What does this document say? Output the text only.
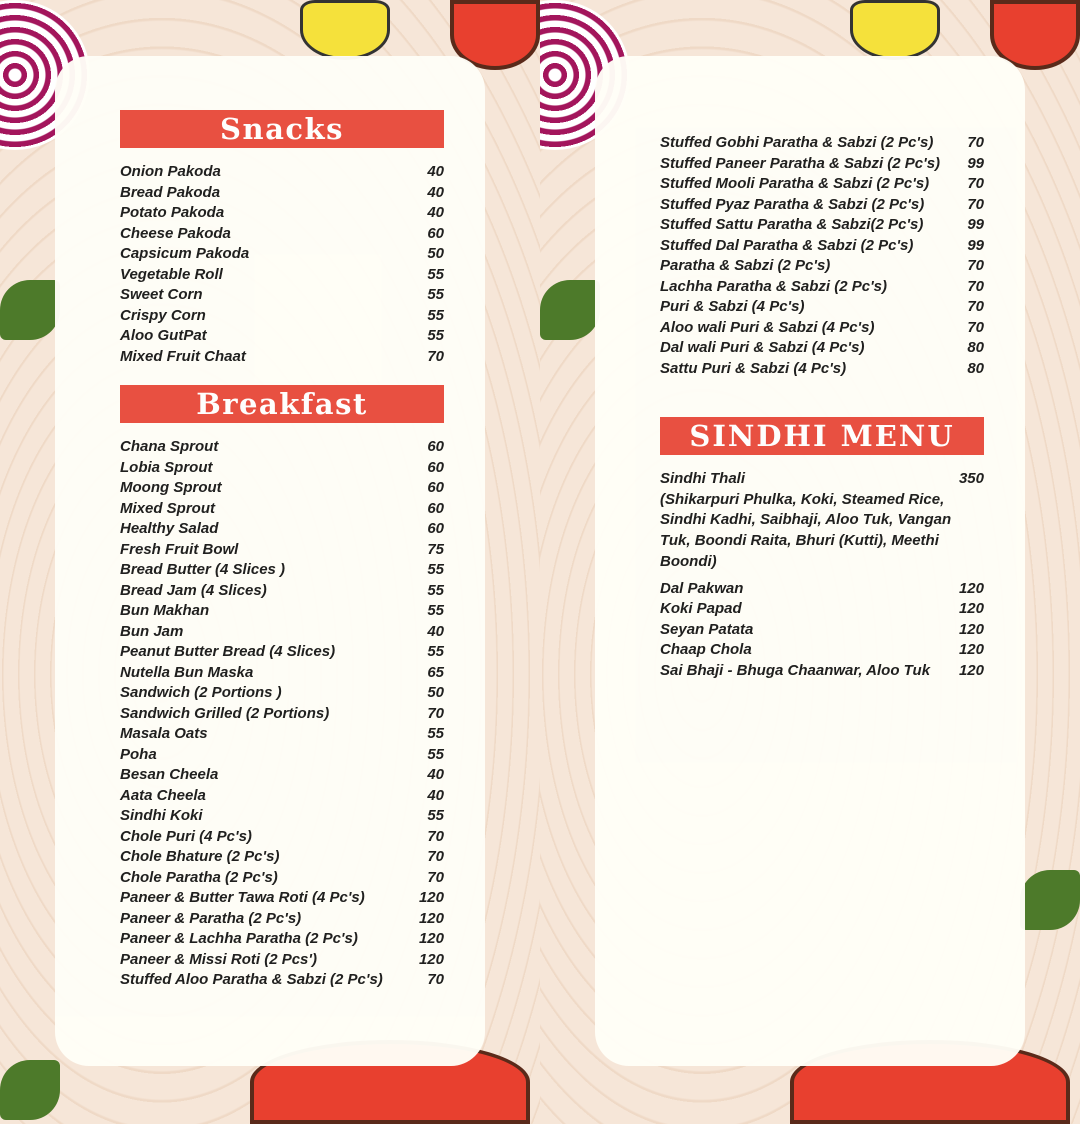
Snacks
Onion Pakoda	40
Bread Pakoda	40
Potato Pakoda	40
Cheese Pakoda	60
Capsicum Pakoda	50
Vegetable Roll	55
Sweet Corn	55
Crispy Corn	55
Aloo GutPat	55
Mixed Fruit Chaat	70
Breakfast
Chana Sprout	60
Lobia Sprout	60
Moong Sprout	60
Mixed Sprout	60
Healthy Salad	60
Fresh Fruit Bowl	75
Bread Butter (4 Slices )	55
Bread Jam (4 Slices)	55
Bun Makhan	55
Bun Jam	40
Peanut Butter Bread (4 Slices)	55
Nutella Bun Maska	65
Sandwich (2 Portions )	50
Sandwich Grilled (2 Portions)	70
Masala Oats	55
Poha	55
Besan Cheela	40
Aata Cheela	40
Sindhi Koki	55
Chole Puri (4 Pc's)	70
Chole Bhature (2 Pc's)	70
Chole Paratha (2 Pc's)	70
Paneer & Butter Tawa Roti (4 Pc's)	120
Paneer & Paratha (2 Pc's)	120
Paneer & Lachha Paratha (2 Pc's)	120
Paneer & Missi Roti (2 Pcs')	120
Stuffed Aloo Paratha & Sabzi (2 Pc's)	70
Stuffed Gobhi Paratha & Sabzi (2 Pc's) 70
Stuffed Paneer Paratha & Sabzi (2 Pc's) 99
Stuffed Mooli Paratha & Sabzi (2 Pc's)	70
Stuffed Pyaz Paratha & Sabzi (2 Pc's)	70
Stuffed Sattu Paratha & Sabzi(2 Pc's)	99
Stuffed Dal Paratha & Sabzi (2 Pc's)	99
Paratha & Sabzi (2 Pc's)	70
Lachha Paratha & Sabzi (2 Pc's)	70
Puri & Sabzi (4 Pc's)	70
Aloo wali Puri & Sabzi (4 Pc's)	70
Dal wali Puri & Sabzi (4 Pc's)	80
Sattu Puri & Sabzi (4 Pc's)	80
SINDHI MENU
Sindhi Thali	350
(Shikarpuri Phulka, Koki, Steamed Rice, Sindhi Kadhi, Saibhaji, Aloo Tuk, Vangan Tuk, Boondi Raita, Bhuri (Kutti), Meethi Boondi)
Dal Pakwan	120
Koki Papad	120
Seyan Patata	120
Chaap Chola	120
Sai Bhaji - Bhuga Chaanwar, Aloo Tuk 120
